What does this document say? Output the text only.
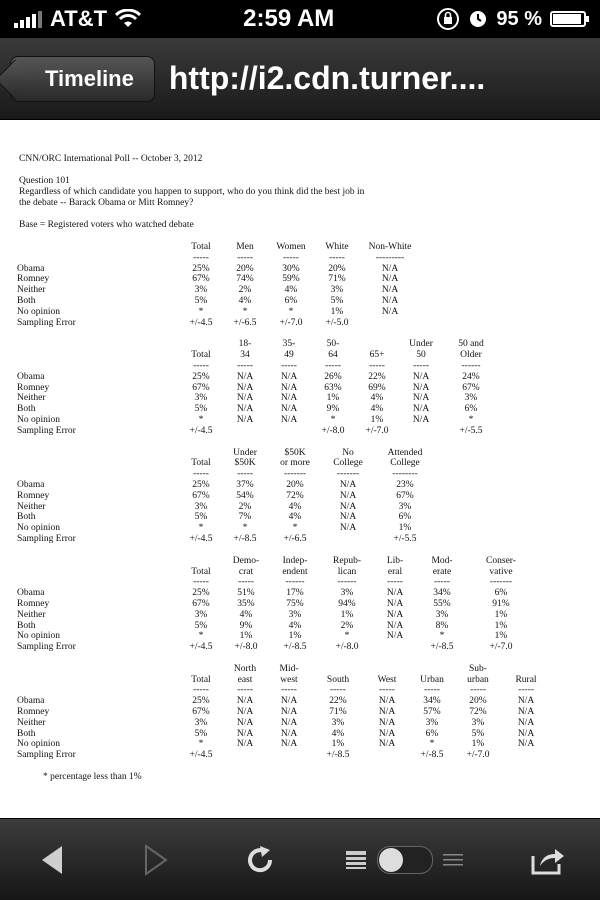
AT&T	2:59 AM	95 %
Timeline	http://i2.cdn.turner....
CNN/ORC International Poll -- October 3, 2012
Question 101
Regardless of which candidate you happen to support, who do you think did the best job in
the debate -- Barack Obama or Mitt Romney?
Base = Registered voters who watched debate

	Total	Men	Women	White	Non-White	
	-----	-----	-----	-----	---------	
Obama	25%	20%	30%	20%	N/A	
Romney	67%	74%	59%	71%	N/A	
Neither	3%	2%	4%	3%	N/A	
Both	5%	4%	6%	5%	N/A	
No opinion	*	*	*	1%	N/A	
Sampling Error	+/-4.5	+/-6.5	+/-7.0	+/-5.0		
		18-	35-	50-		Under	50 and
	Total	34	49	64	65+	50	Older
	-----	-----	-----	-----	-----	-----	------
Obama	25%	N/A	N/A	26%	22%	N/A	24%
Romney	67%	N/A	N/A	63%	69%	N/A	67%
Neither	3%	N/A	N/A	1%	4%	N/A	3%
Both	5%	N/A	N/A	9%	4%	N/A	6%
No opinion	*	N/A	N/A	*	1%	N/A	*
Sampling Error	+/-4.5			+/-8.0	+/-7.0		+/-5.5
		Under	$50K	No	Attended
	Total	$50K	or more	College	College
	-----	-----	-------	-------	--------
Obama	25%	37%	20%	N/A	23%
Romney	67%	54%	72%	N/A	67%
Neither	3%	2%	4%	N/A	3%
Both	5%	7%	4%	N/A	6%
No opinion	*	*	*	N/A	1%
Sampling Error	+/-4.5	+/-8.5	+/-6.5		+/-5.5
		Demo-	Indep-	Repub-	Lib-	Mod-	Conser-
	Total	crat	endent	lican	eral	erate	vative
	-----	-----	------	------	-----	-----	-------
Obama	25%	51%	17%	3%	N/A	34%	6%
Romney	67%	35%	75%	94%	N/A	55%	91%
Neither	3%	4%	3%	1%	N/A	3%	1%
Both	5%	9%	4%	2%	N/A	8%	1%
No opinion	*	1%	1%	*	N/A	*	1%
Sampling Error	+/-4.5	+/-8.0	+/-8.5	+/-8.0		+/-8.5	+/-7.0
		North	Mid-				Sub-	
	Total	east	west	South	West	Urban	urban	Rural
	-----	-----	-----	-----	-----	-----	-----	-----
Obama	25%	N/A	N/A	22%	N/A	34%	20%	N/A
Romney	67%	N/A	N/A	71%	N/A	57%	72%	N/A
Neither	3%	N/A	N/A	3%	N/A	3%	3%	N/A
Both	5%	N/A	N/A	4%	N/A	6%	5%	N/A
No opinion	*	N/A	N/A	1%	N/A	*	1%	N/A
Sampling Error	+/-4.5			+/-8.5		+/-8.5	+/-7.0	
* percentage less than 1%
